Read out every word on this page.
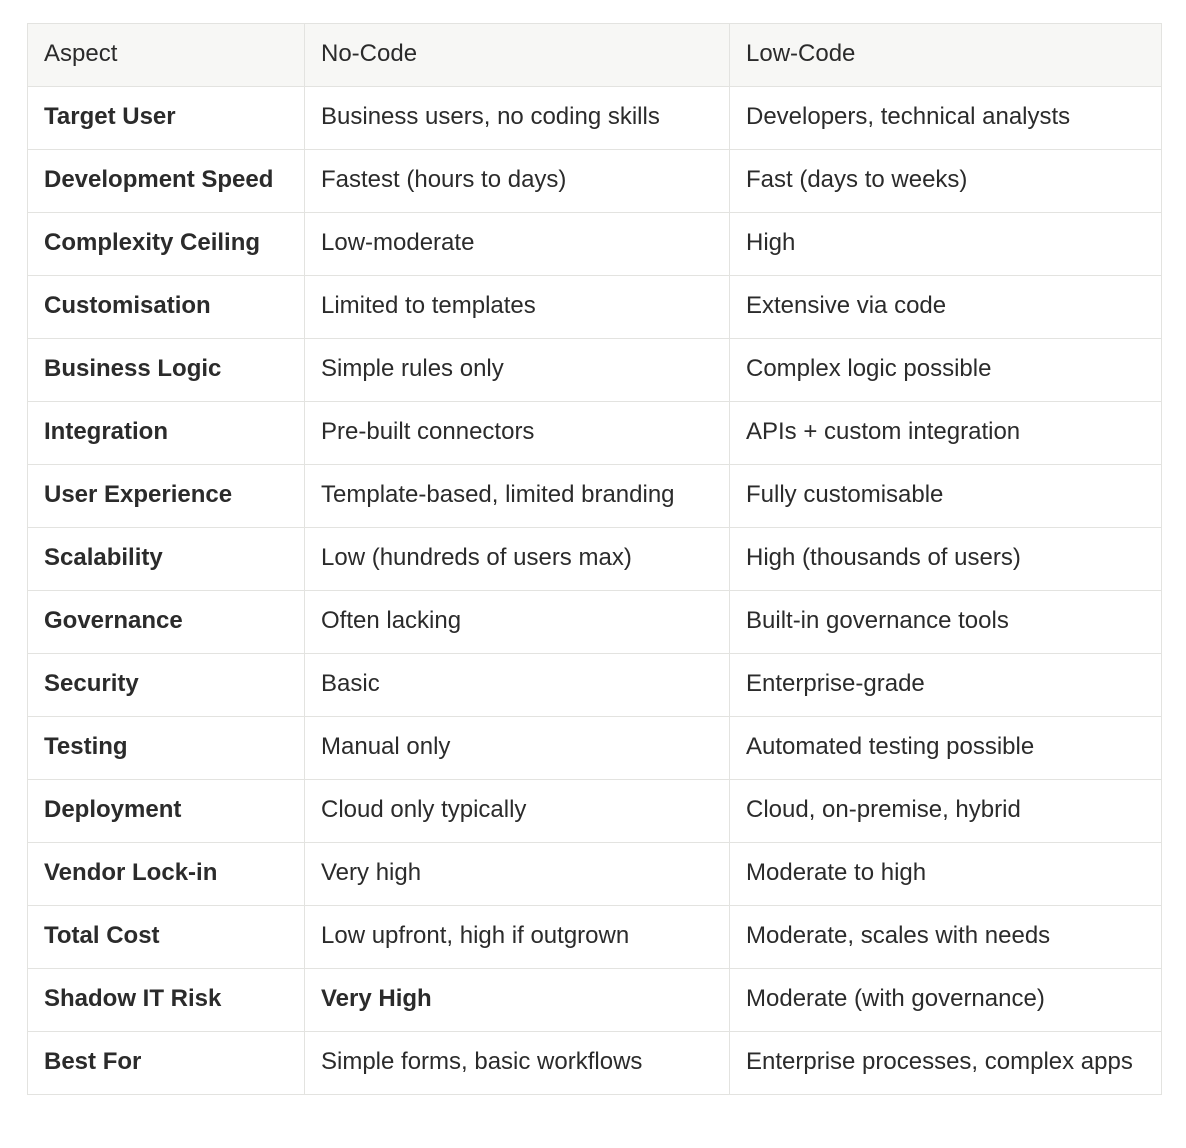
Aspect	No-Code	Low-Code
Target User	Business users, no coding skills	Developers, technical analysts
Development Speed	Fastest (hours to days)	Fast (days to weeks)
Complexity Ceiling	Low-moderate	High
Customisation	Limited to templates	Extensive via code
Business Logic	Simple rules only	Complex logic possible
Integration	Pre-built connectors	APIs + custom integration
User Experience	Template-based, limited branding	Fully customisable
Scalability	Low (hundreds of users max)	High (thousands of users)
Governance	Often lacking	Built-in governance tools
Security	Basic	Enterprise-grade
Testing	Manual only	Automated testing possible
Deployment	Cloud only typically	Cloud, on-premise, hybrid
Vendor Lock-in	Very high	Moderate to high
Total Cost	Low upfront, high if outgrown	Moderate, scales with needs
Shadow IT Risk	Very High	Moderate (with governance)
Best For	Simple forms, basic workflows	Enterprise processes, complex apps
